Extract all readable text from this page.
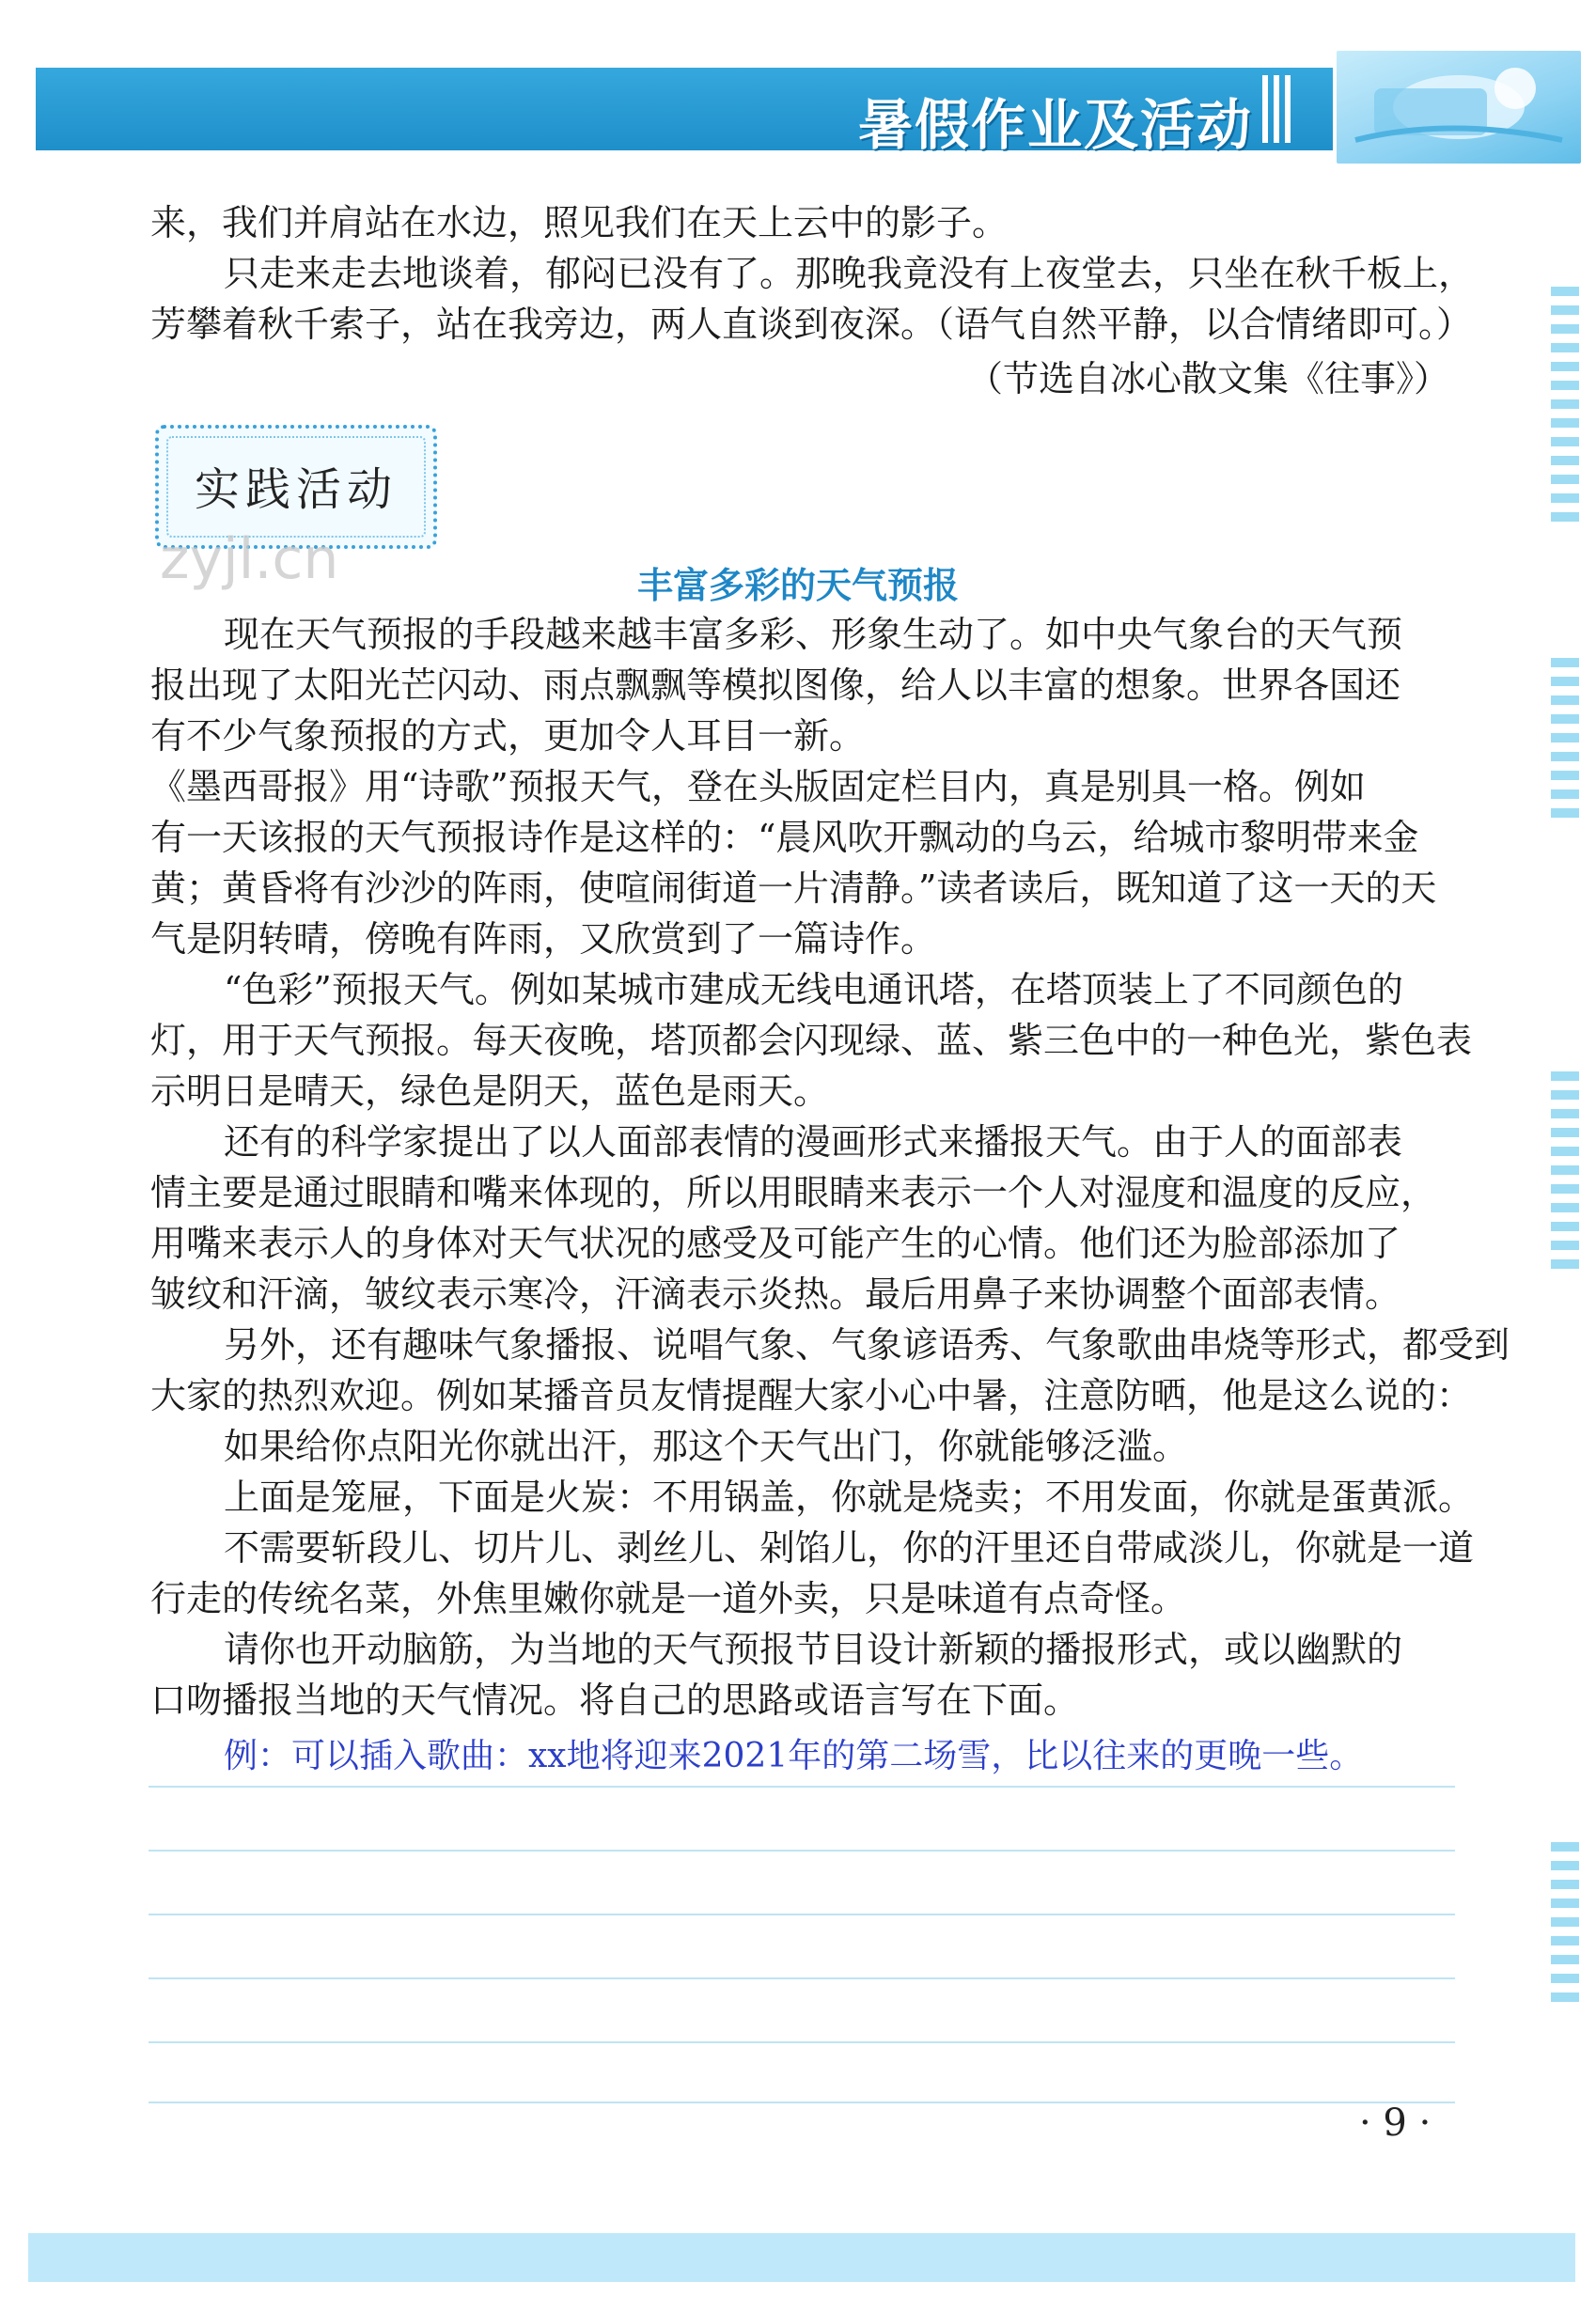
暑假作业及活动
来，我们并肩站在水边，照见我们在天上云中的影子。
只走来走去地谈着，郁闷已没有了。那晚我竟没有上夜堂去，只坐在秋千板上，
芳攀着秋千索子，站在我旁边，两人直谈到夜深。（语气自然平静，以合情绪即可。）
（节选自冰心散文集《往事》）
实践活动
zyjl.cn	丰富多彩的天气预报
现在天气预报的手段越来越丰富多彩、形象生动了。如中央气象台的天气预
报出现了太阳光芒闪动、雨点飘飘等模拟图像，给人以丰富的想象。世界各国还
有不少气象预报的方式，更加令人耳目一新。
《墨西哥报》用“诗歌”预报天气，登在头版固定栏目内，真是别具一格。例如
有一天该报的天气预报诗作是这样的：“晨风吹开飘动的乌云，给城市黎明带来金
黄；黄昏将有沙沙的阵雨，使喧闹街道一片清静。”读者读后，既知道了这一天的天
气是阴转晴，傍晚有阵雨，又欣赏到了一篇诗作。
“色彩”预报天气。例如某城市建成无线电通讯塔，在塔顶装上了不同颜色的
灯，用于天气预报。每天夜晚，塔顶都会闪现绿、蓝、紫三色中的一种色光，紫色表
示明日是晴天，绿色是阴天，蓝色是雨天。
还有的科学家提出了以人面部表情的漫画形式来播报天气。由于人的面部表
情主要是通过眼睛和嘴来体现的，所以用眼睛来表示一个人对湿度和温度的反应，
用嘴来表示人的身体对天气状况的感受及可能产生的心情。他们还为脸部添加了
皱纹和汗滴，皱纹表示寒冷，汗滴表示炎热。最后用鼻子来协调整个面部表情。
另外，还有趣味气象播报、说唱气象、气象谚语秀、气象歌曲串烧等形式，都受到
大家的热烈欢迎。例如某播音员友情提醒大家小心中暑，注意防晒，他是这么说的：
如果给你点阳光你就出汗，那这个天气出门，你就能够泛滥。
上面是笼屉，下面是火炭：不用锅盖，你就是烧卖；不用发面，你就是蛋黄派。
不需要斩段儿、切片儿、剥丝儿、剁馅儿，你的汗里还自带咸淡儿，你就是一道
行走的传统名菜，外焦里嫩你就是一道外卖，只是味道有点奇怪。
请你也开动脑筋，为当地的天气预报节目设计新颖的播报形式，或以幽默的
口吻播报当地的天气情况。将自己的思路或语言写在下面。
例：可以插入歌曲：xx地将迎来2021年的第二场雪，比以往来的更晚一些。
· 9 ·
